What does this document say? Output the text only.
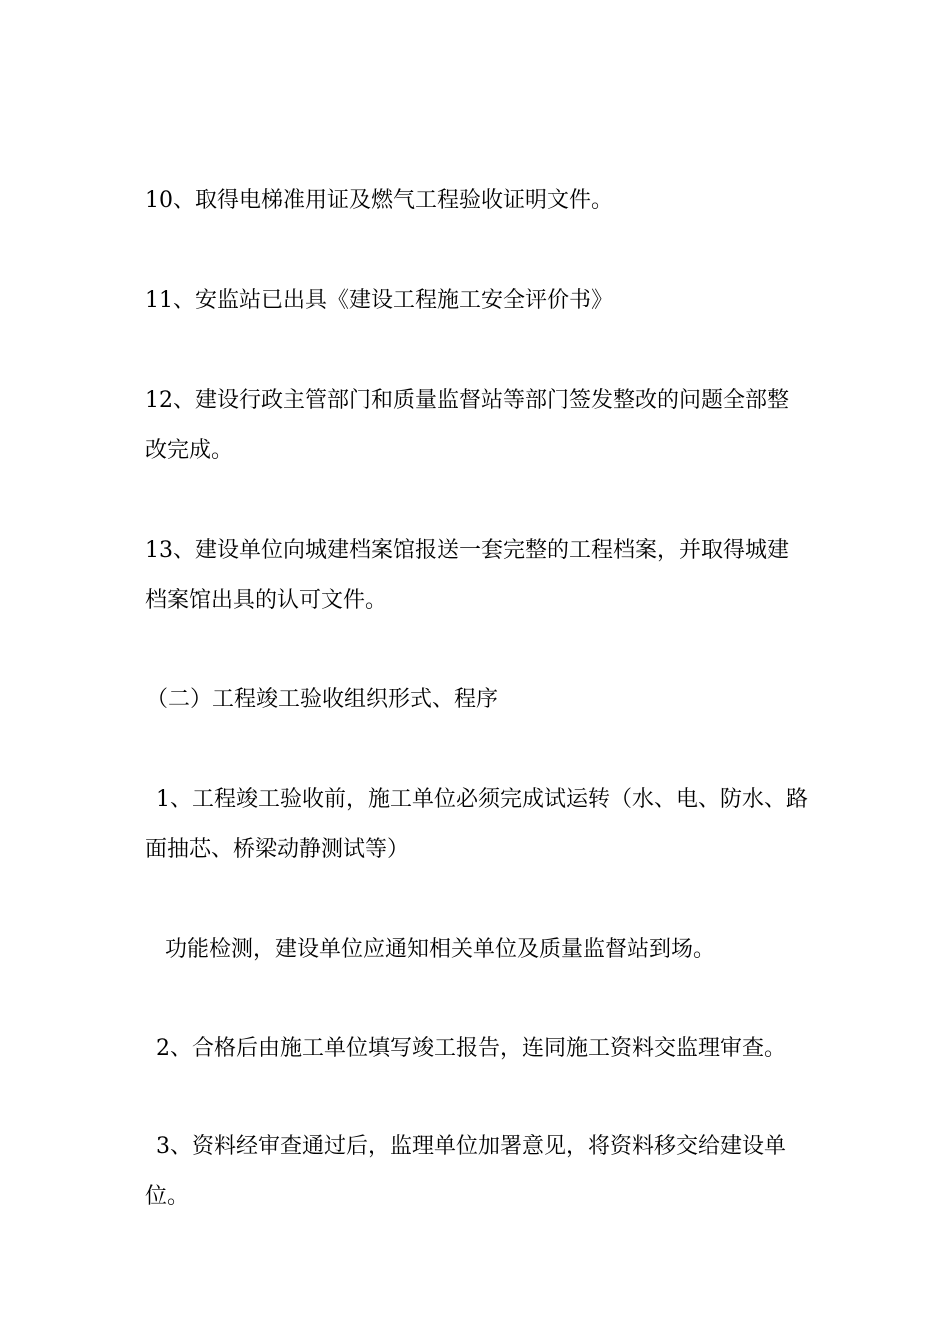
10、取得电梯准用证及燃气工程验收证明文件。

11、安监站已出具《建设工程施工安全评价书》

12、建设行政主管部门和质量监督站等部门签发整改的问题全部整改完成。

13、建设单位向城建档案馆报送一套完整的工程档案，并取得城建档案馆出具的认可文件。

（二）工程竣工验收组织形式、程序

1、工程竣工验收前，施工单位必须完成试运转（水、电、防水、路面抽芯、桥梁动静测试等）

功能检测，建设单位应通知相关单位及质量监督站到场。

2、合格后由施工单位填写竣工报告，连同施工资料交监理审查。

3、资料经审查通过后，监理单位加署意见，将资料移交给建设单位。
